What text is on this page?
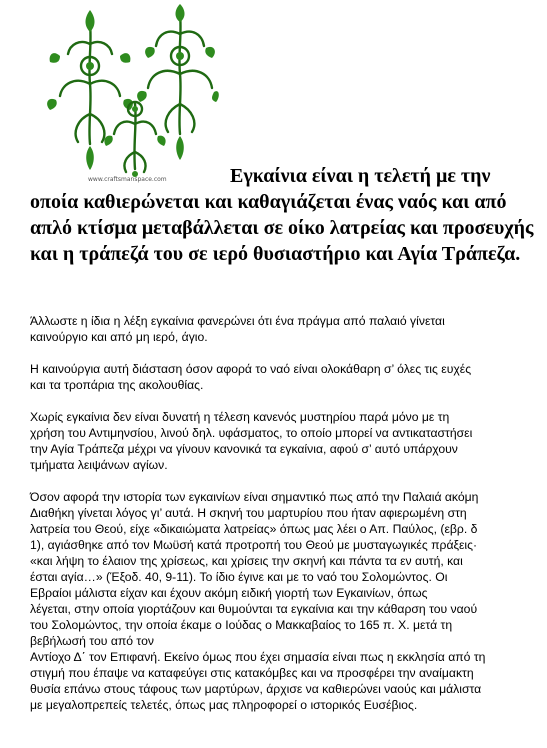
www.craftsmanspace.com	Εγκαίνια είναι η τελετή με την
οποία καθιερώνεται και καθαγιάζεται ένας ναός και από απλό κτίσμα μεταβάλλεται σε οίκο λατρείας και προσευχής και η τράπεζά του σε ιερό θυσιαστήριο και Αγία Τράπεζα.

Άλλωστε η ίδια η λέξη εγκαίνια φανερώνει ότι ένα πράγμα από παλαιό γίνεται
καινούργιο και από μη ιερό, άγιο.

Η καινούργια αυτή διάσταση όσον αφορά το ναό είναι ολοκάθαρη σ’ όλες τις ευχές
και τα τροπάρια της ακολουθίας.

Χωρίς εγκαίνια δεν είναι δυνατή η τέλεση κανενός μυστηρίου παρά μόνο με τη
χρήση του Αντιμηνσίου, λινού δηλ. υφάσματος, το οποίο μπορεί να αντικαταστήσει
την Αγία Τράπεζα μέχρι να γίνουν κανονικά τα εγκαίνια, αφού σ’ αυτό υπάρχουν
τμήματα λειψάνων αγίων.

Όσον αφορά την ιστορία των εγκαινίων είναι σημαντικό πως από την Παλαιά ακόμη
Διαθήκη γίνεται λόγος γι’ αυτά. Η σκηνή του μαρτυρίου που ήταν αφιερωμένη στη
λατρεία του Θεού, είχε «δικαιώματα λατρείας» όπως μας λέει ο Απ. Παύλος, (εβρ. δ
1), αγιάσθηκε από τον Μωϋσή κατά προτροπή του Θεού με μυσταγωγικές πράξεις·
«και λήψη το έλαιον της χρίσεως, και χρίσεις την σκηνή και πάντα τα εν αυτή, και
έσται αγία…» (Έξοδ. 40, 9-11). Το ίδιο έγινε και με το ναό του Σολομώντος. Οι
Εβραίοι μάλιστα είχαν και έχουν ακόμη ειδική γιορτή των Εγκαινίων, όπως
λέγεται, στην οποία γιορτάζουν και θυμούνται τα εγκαίνια και την κάθαρση του ναού
του Σολομώντος, την οποία έκαμε ο Ιούδας ο Μακκαβαίος το 165 π. Χ. μετά τη
βεβήλωσή του από τον
Αντίοχο Δ΄ τον Επιφανή. Εκείνο όμως που έχει σημασία είναι πως η εκκλησία από τη
στιγμή που έπαψε να καταφεύγει στις κατακόμβες και να προσφέρει την αναίμακτη
θυσία επάνω στους τάφους των μαρτύρων, άρχισε να καθιερώνει ναούς και μάλιστα
με μεγαλοπρεπείς τελετές, όπως μας πληροφορεί ο ιστορικός Ευσέβιος.
